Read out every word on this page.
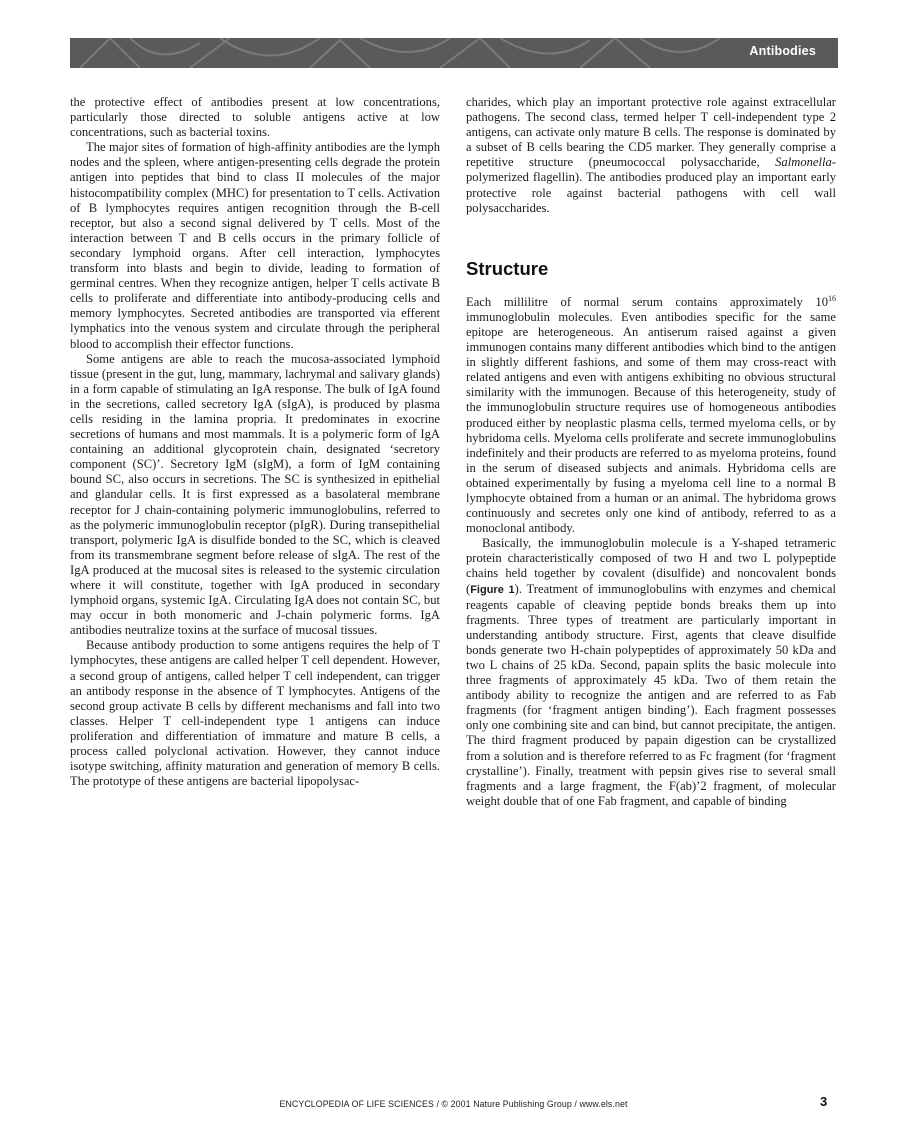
Antibodies

the protective effect of antibodies present at low concentrations, particularly those directed to soluble antigens active at low concentrations, such as bacterial toxins.

The major sites of formation of high-affinity antibodies are the lymph nodes and the spleen, where antigen-presenting cells degrade the protein antigen into peptides that bind to class II molecules of the major histocompatibility complex (MHC) for presentation to T cells. Activation of B lymphocytes requires antigen recognition through the B-cell receptor, but also a second signal delivered by T cells. Most of the interaction between T and B cells occurs in the primary follicle of secondary lymphoid organs. After cell interaction, lymphocytes transform into blasts and begin to divide, leading to formation of germinal centres. When they recognize antigen, helper T cells activate B cells to proliferate and differentiate into antibody-producing cells and memory lymphocytes. Secreted antibodies are transported via efferent lymphatics into the venous system and circulate through the peripheral blood to accomplish their effector functions.

Some antigens are able to reach the mucosa-associated lymphoid tissue (present in the gut, lung, mammary, lachrymal and salivary glands) in a form capable of stimulating an IgA response. The bulk of IgA found in the secretions, called secretory IgA (sIgA), is produced by plasma cells residing in the lamina propria. It predominates in exocrine secretions of humans and most mammals. It is a polymeric form of IgA containing an additional glycoprotein chain, designated ‘secretory component (SC)’. Secretory IgM (sIgM), a form of IgM containing bound SC, also occurs in secretions. The SC is synthesized in epithelial and glandular cells. It is first expressed as a basolateral membrane receptor for J chain-containing polymeric immunoglobulins, referred to as the polymeric immunoglobulin receptor (pIgR). During transepithelial transport, polymeric IgA is disulfide bonded to the SC, which is cleaved from its transmembrane segment before release of sIgA. The rest of the IgA produced at the mucosal sites is released to the systemic circulation where it will constitute, together with IgA produced in secondary lymphoid organs, systemic IgA. Circulating IgA does not contain SC, but may occur in both monomeric and J-chain polymeric forms. IgA antibodies neutralize toxins at the surface of mucosal tissues.

Because antibody production to some antigens requires the help of T lymphocytes, these antigens are called helper T cell dependent. However, a second group of antigens, called helper T cell independent, can trigger an antibody response in the absence of T lymphocytes. Antigens of the second group activate B cells by different mechanisms and fall into two classes. Helper T cell-independent type 1 antigens can induce proliferation and differentiation of immature and mature B cells, a process called polyclonal activation. However, they cannot induce isotype switching, affinity maturation and generation of memory B cells. The prototype of these antigens are bacterial lipopolysac-

charides, which play an important protective role against extracellular pathogens. The second class, termed helper T cell-independent type 2 antigens, can activate only mature B cells. The response is dominated by a subset of B cells bearing the CD5 marker. They generally comprise a repetitive structure (pneumococcal polysaccharide, Salmonella-polymerized flagellin). The antibodies produced play an important early protective role against bacterial pathogens with cell wall polysaccharides.

Structure

Each millilitre of normal serum contains approximately $10^{16}$ immunoglobulin molecules. Even antibodies specific for the same epitope are heterogeneous. An antiserum raised against a given immunogen contains many different antibodies which bind to the antigen in slightly different fashions, and some of them may cross-react with related antigens and even with antigens exhibiting no obvious structural similarity with the immunogen. Because of this heterogeneity, study of the immunoglobulin structure requires use of homogeneous antibodies produced either by neoplastic plasma cells, termed myeloma cells, or by hybridoma cells. Myeloma cells proliferate and secrete immunoglobulins indefinitely and their products are referred to as myeloma proteins, found in the serum of diseased subjects and animals. Hybridoma cells are obtained experimentally by fusing a myeloma cell line to a normal B lymphocyte obtained from a human or an animal. The hybridoma grows continuously and secretes only one kind of antibody, referred to as a monoclonal antibody.

Basically, the immunoglobulin molecule is a Y-shaped tetrameric protein characteristically composed of two H and two L polypeptide chains held together by covalent (disulfide) and noncovalent bonds (Figure 1). Treatment of immunoglobulins with enzymes and chemical reagents capable of cleaving peptide bonds breaks them up into fragments. Three types of treatment are particularly important in understanding antibody structure. First, agents that cleave disulfide bonds generate two H-chain polypeptides of approximately 50 kDa and two L chains of 25 kDa. Second, papain splits the basic molecule into three fragments of approximately 45 kDa. Two of them retain the antibody ability to recognize the antigen and are referred to as Fab fragments (for ‘fragment antigen binding’). Each fragment possesses only one combining site and can bind, but cannot precipitate, the antigen. The third fragment produced by papain digestion can be crystallized from a solution and is therefore referred to as Fc fragment (for ‘fragment crystalline’). Finally, treatment with pepsin gives rise to several small fragments and a large fragment, the F(ab)’2 fragment, of molecular weight double that of one Fab fragment, and capable of binding

ENCYCLOPEDIA OF LIFE SCIENCES / © 2001 Nature Publishing Group / www.els.net	3
